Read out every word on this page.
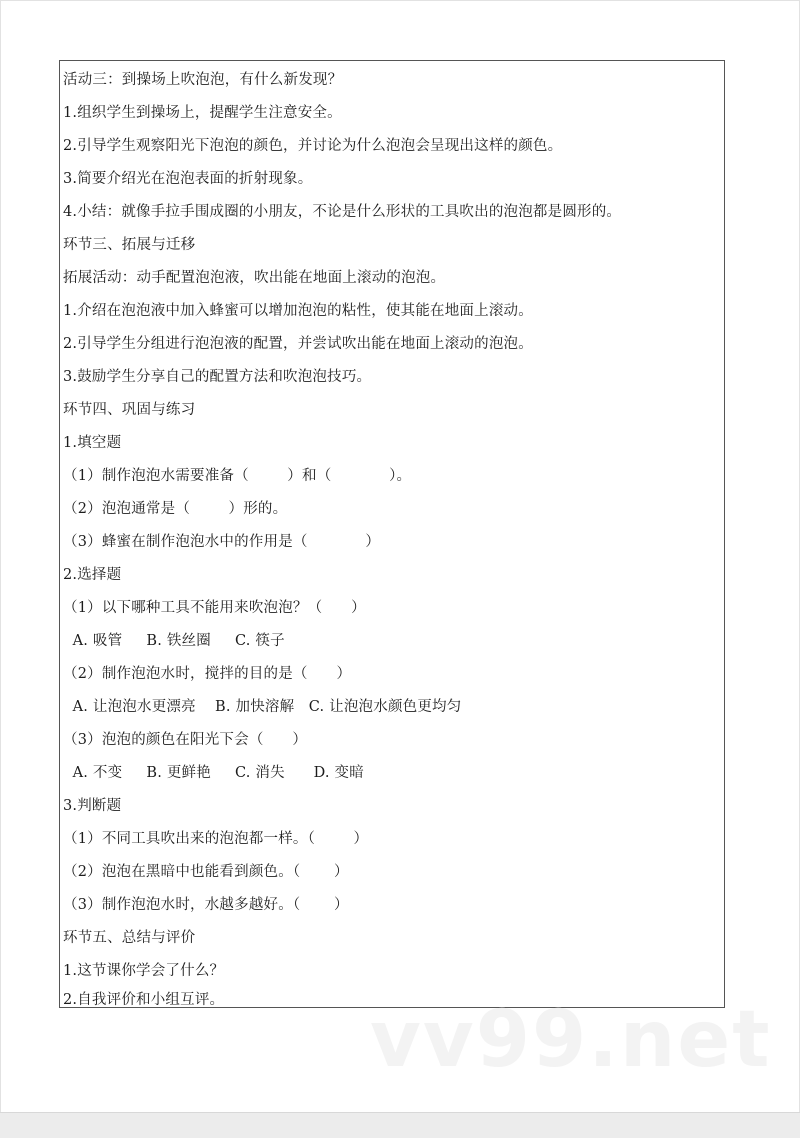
活动三：到操场上吹泡泡，有什么新发现？
1.组织学生到操场上，提醒学生注意安全。
2.引导学生观察阳光下泡泡的颜色，并讨论为什么泡泡会呈现出这样的颜色。
3.简要介绍光在泡泡表面的折射现象。
4.小结：就像手拉手围成圈的小朋友，不论是什么形状的工具吹出的泡泡都是圆形的。
环节三、拓展与迁移
拓展活动：动手配置泡泡液，吹出能在地面上滚动的泡泡。
1.介绍在泡泡液中加入蜂蜜可以增加泡泡的粘性，使其能在地面上滚动。
2.引导学生分组进行泡泡液的配置，并尝试吹出能在地面上滚动的泡泡。
3.鼓励学生分享自己的配置方法和吹泡泡技巧。
环节四、巩固与练习
1.填空题
（1）制作泡泡水需要准备（        ）和（            ）。
（2）泡泡通常是（        ）形的。
（3）蜂蜜在制作泡泡水中的作用是（            ）
2.选择题
（1）以下哪种工具不能用来吹泡泡？（      ）
A. 吸管     B. 铁丝圈     C. 筷子
（2）制作泡泡水时，搅拌的目的是（      ）
A. 让泡泡水更漂亮    B. 加快溶解   C. 让泡泡水颜色更均匀
（3）泡泡的颜色在阳光下会（      ）
A. 不变     B. 更鲜艳     C. 消失      D. 变暗
3.判断题
（1）不同工具吹出来的泡泡都一样。（        ）
（2）泡泡在黑暗中也能看到颜色。（       ）
（3）制作泡泡水时，水越多越好。（       ）
环节五、总结与评价
1.这节课你学会了什么？
2.自我评价和小组互评。 vv99.net
